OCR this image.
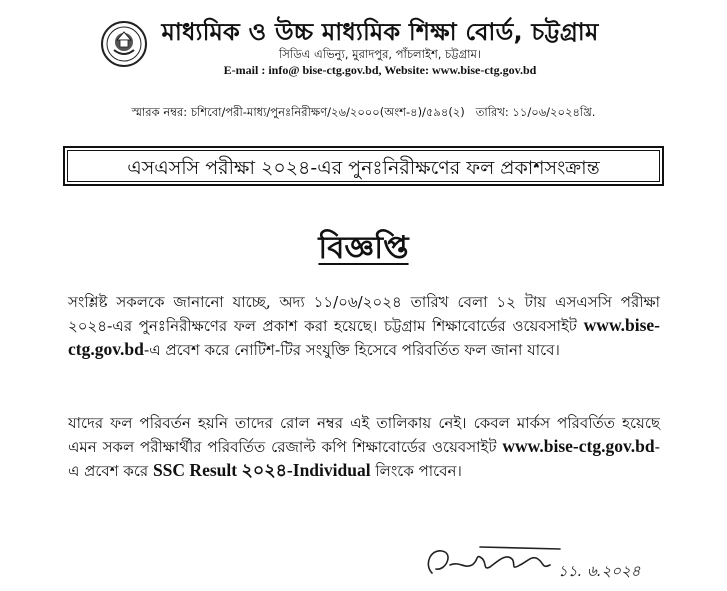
মাধ্যমিক ও উচ্চ মাধ্যমিক শিক্ষা বোর্ড, চট্টগ্রাম
সিডিএ এভিন্যু, মুরাদপুর, পাঁচলাইশ, চট্টগ্রাম।
E-mail : info@ bise-ctg.gov.bd, Website: www.bise-ctg.gov.bd
স্মারক নম্বর: চশিবো/পরী-মাধ্য/পুনঃনিরীক্ষণ/২৬/২০০০(অংশ-৪)/৫৯৪(২) তারিখ: ১১/০৬/২০২৪খ্রি.
এসএসসি পরীক্ষা ২০২৪-এর পুনঃনিরীক্ষণের ফল প্রকাশসংক্রান্ত
বিজ্ঞপ্তি
সংশ্লিষ্ট সকলকে জানানো যাচ্ছে, অদ্য ১১/০৬/২০২৪ তারিখ বেলা ১২ টায় এসএসসি পরীক্ষা ২০২৪-এর পুনঃনিরীক্ষণের ফল প্রকাশ করা হয়েছে। চট্টগ্রাম শিক্ষাবোর্ডের ওয়েবসাইট www.bise- ctg.gov.bd-এ প্রবেশ করে নোটিশ-টির সংযুক্তি হিসেবে পরিবর্তিত ফল জানা যাবে।
যাদের ফল পরিবর্তন হয়নি তাদের রোল নম্বর এই তালিকায় নেই। কেবল মার্কস পরিবর্তিত হয়েছে এমন সকল পরীক্ষার্থীর পরিবর্তিত রেজাল্ট কপি শিক্ষাবোর্ডের ওয়েবসাইট www.bise-ctg.gov.bd-এ প্রবেশ করে SSC Result ২০২৪-Individual লিংকে পাবেন।
১১. ৬.২০২৪
